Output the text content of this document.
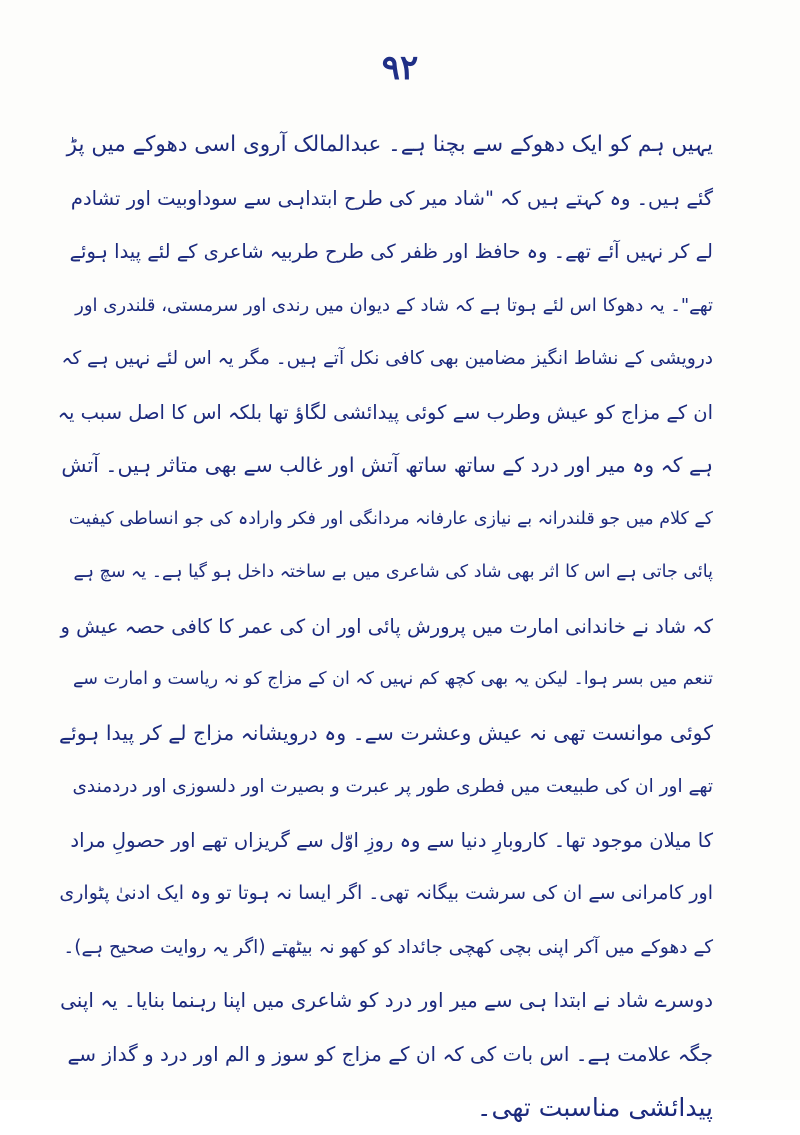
۹۲
یہیں ہم کو ایک دھوکے سے بچنا ہے۔ عبدالمالک آروی اسی دھوکے میں پڑ
گئے ہیں۔ وہ کہتے ہیں کہ "شاد میر کی طرح ابتداہی سے سوداوبیت اور تشادم
لے کر نہیں آئے تھے۔ وہ حافظ اور ظفر کی طرح طربیہ شاعری کے لئے پیدا ہوئے
تھے"۔ یہ دھوکا اس لئے ہوتا ہے کہ شاد کے دیوان میں رندی اور سرمستی، قلندری اور
درویشی کے نشاط انگیز مضامین بھی کافی نکل آتے ہیں۔ مگر یہ اس لئے نہیں ہے کہ
ان کے مزاج کو عیش وطرب سے کوئی پیدائشی لگاؤ تھا بلکہ اس کا اصل سبب یہ
ہے کہ وہ میر اور درد کے ساتھ ساتھ آتش اور غالب سے بھی متاثر ہیں۔ آتش
کے کلام میں جو قلندرانہ بے نیازی عارفانہ مردانگی اور فکر وارادہ کی جو انساطی کیفیت
پائی جاتی ہے اس کا اثر بھی شاد کی شاعری میں بے ساختہ داخل ہو گیا ہے۔ یہ سچ ہے
کہ شاد نے خاندانی امارت میں پرورش پائی اور ان کی عمر کا کافی حصہ عیش و
تنعم میں بسر ہوا۔ لیکن یہ بھی کچھ کم نہیں کہ ان کے مزاج کو نہ ریاست و امارت سے
کوئی موانست تھی نہ عیش وعشرت سے۔ وہ درویشانہ مزاج لے کر پیدا ہوئے
تھے اور ان کی طبیعت میں فطری طور پر عبرت و بصیرت اور دلسوزی اور دردمندی
کا میلان موجود تھا۔ کاروبارِ دنیا سے وہ روزِ اوّل سے گریزاں تھے اور حصولِ مراد
اور کامرانی سے ان کی سرشت بیگانہ تھی۔ اگر ایسا نہ ہوتا تو وہ ایک ادنیٰ پٹواری
کے دھوکے میں آکر اپنی بچی کھچی جائداد کو کھو نہ بیٹھتے (اگر یہ روایت صحیح ہے)۔
دوسرے شاد نے ابتدا ہی سے میر اور درد کو شاعری میں اپنا رہنما بنایا۔ یہ اپنی
جگہ علامت ہے۔ اس بات کی کہ ان کے مزاج کو سوز و الم اور درد و گداز سے
پیدائشی مناسبت تھی۔
